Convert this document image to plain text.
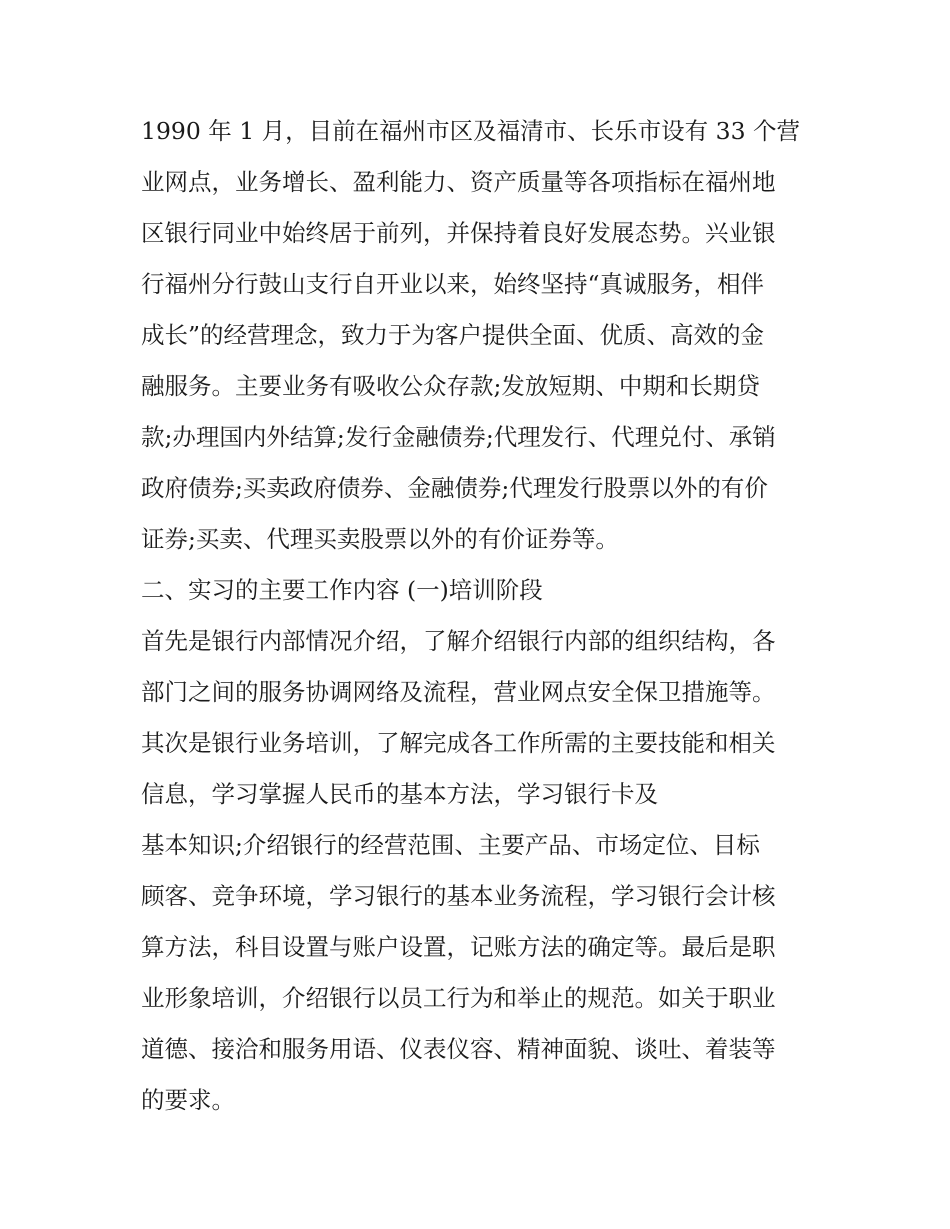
1990 年 1 月，目前在福州市区及福清市、长乐市设有 33 个营
业网点，业务增长、盈利能力、资产质量等各项指标在福州地
区银行同业中始终居于前列，并保持着良好发展态势。兴业银
行福州分行鼓山支行自开业以来，始终坚持“真诚服务，相伴
成长”的经营理念，致力于为客户提供全面、优质、高效的金
融服务。主要业务有吸收公众存款;发放短期、中期和长期贷
款;办理国内外结算;发行金融债券;代理发行、代理兑付、承销
政府债券;买卖政府债券、金融债券;代理发行股票以外的有价
证券;买卖、代理买卖股票以外的有价证券等。
二、实习的主要工作内容 (一)培训阶段
首先是银行内部情况介绍，了解介绍银行内部的组织结构，各
部门之间的服务协调网络及流程，营业网点安全保卫措施等。
其次是银行业务培训，了解完成各工作所需的主要技能和相关
信息，学习掌握人民币的基本方法，学习银行卡及
基本知识;介绍银行的经营范围、主要产品、市场定位、目标
顾客、竞争环境，学习银行的基本业务流程，学习银行会计核
算方法，科目设置与账户设置，记账方法的确定等。最后是职
业形象培训，介绍银行以员工行为和举止的规范。如关于职业
道德、接洽和服务用语、仪表仪容、精神面貌、谈吐、着装等
的要求。
